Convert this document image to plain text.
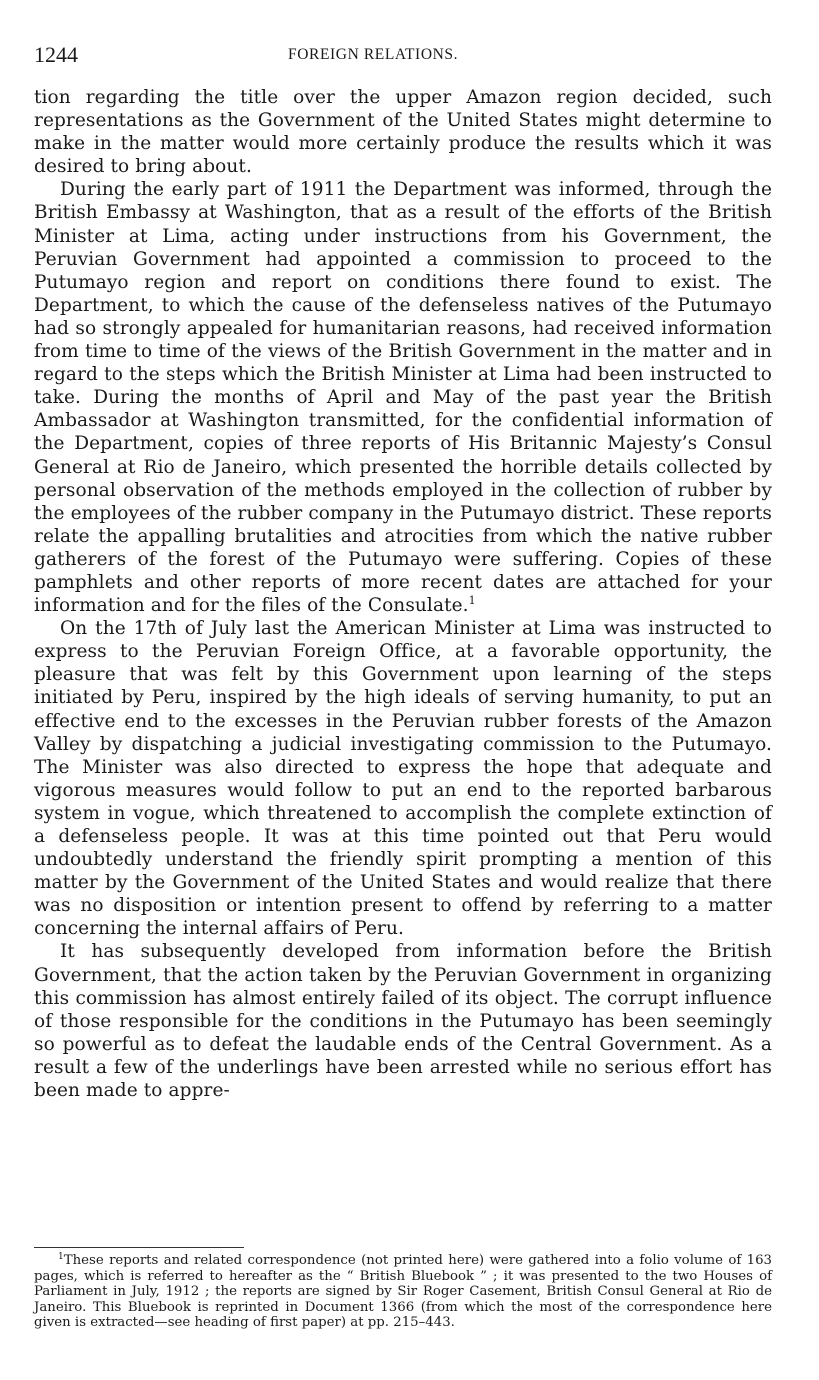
1244	FOREIGN RELATIONS.

tion regarding the title over the upper Amazon region decided, such representations as the Government of the United States might determine to make in the matter would more certainly produce the results which it was desired to bring about.

During the early part of 1911 the Department was informed, through the British Embassy at Washington, that as a result of the efforts of the British Minister at Lima, acting under instructions from his Government, the Peruvian Government had appointed a commission to proceed to the Putumayo region and report on conditions there found to exist. The Department, to which the cause of the defenseless natives of the Putumayo had so strongly appealed for humanitarian reasons, had received information from time to time of the views of the British Government in the matter and in regard to the steps which the British Minister at Lima had been instructed to take. During the months of April and May of the past year the British Ambassador at Washington transmitted, for the confidential information of the Department, copies of three reports of His Britannic Majesty’s Consul General at Rio de Janeiro, which presented the horrible details collected by personal observation of the methods employed in the collection of rubber by the employees of the rubber company in the Putumayo district. These reports relate the appalling brutalities and atrocities from which the native rubber gatherers of the forest of the Putumayo were suffering. Copies of these pamphlets and other reports of more recent dates are attached for your information and for the files of the Consulate.$^1$

On the 17th of July last the American Minister at Lima was instructed to express to the Peruvian Foreign Office, at a favorable opportunity, the pleasure that was felt by this Government upon learning of the steps initiated by Peru, inspired by the high ideals of serving humanity, to put an effective end to the excesses in the Peruvian rubber forests of the Amazon Valley by dispatching a judicial investigating commission to the Putumayo. The Minister was also directed to express the hope that adequate and vigorous measures would follow to put an end to the reported barbarous system in vogue, which threatened to accomplish the complete extinction of a defenseless people. It was at this time pointed out that Peru would undoubtedly understand the friendly spirit prompting a mention of this matter by the Government of the United States and would realize that there was no disposition or intention present to offend by referring to a matter concerning the internal affairs of Peru.

It has subsequently developed from information before the British Government, that the action taken by the Peruvian Government in organizing this commission has almost entirely failed of its object. The corrupt influence of those responsible for the conditions in the Putumayo has been seemingly so powerful as to defeat the laudable ends of the Central Government. As a result a few of the underlings have been arrested while no serious effort has been made to appre-

$^1$These reports and related correspondence (not printed here) were gathered into a folio volume of 163 pages, which is referred to hereafter as the “ British Bluebook ” ; it was presented to the two Houses of Parliament in July, 1912 ; the reports are signed by Sir Roger Casement, British Consul General at Rio de Janeiro. This Bluebook is reprinted in Document 1366 (from which the most of the correspondence here given is extracted—see heading of first paper) at pp. 215–443.
